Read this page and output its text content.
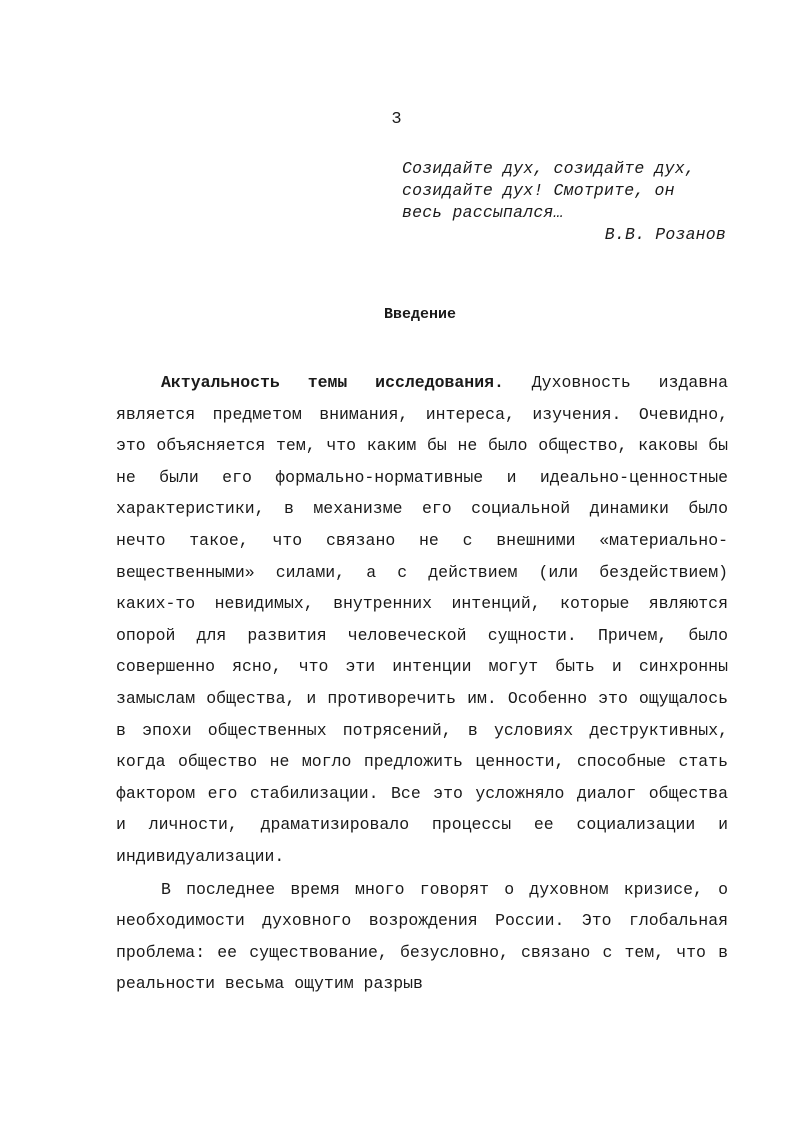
3
Созидайте дух, созидайте дух,
созидайте дух! Смотрите, он
весь рассыпался…
В.В. Розанов
Введение

Актуальность темы исследования. Духовность издавна является предметом внимания, интереса, изучения. Очевидно, это объясняется тем, что каким бы не было общество, каковы бы не были его формально-нормативные и идеально-ценностные характеристики, в механизме его социальной динамики было нечто такое, что связано не с внешними «материально-вещественными» силами, а с действием (или бездействием) каких-то невидимых, внутренних интенций, которые являются опорой для развития человеческой сущности. Причем, было совершенно ясно, что эти интенции могут быть и синхронны замыслам общества, и противоречить им. Особенно это ощущалось в эпохи общественных потрясений, в условиях деструктивных, когда общество не могло предложить ценности, способные стать фактором его стабилизации. Все это усложняло диалог общества и личности, драматизировало процессы ее социализации и индивидуализации.

В последнее время много говорят о духовном кризисе, о необходимости духовного возрождения России. Это глобальная проблема: ее существование, безусловно, связано с тем, что в реальности весьма ощутим разрыв
